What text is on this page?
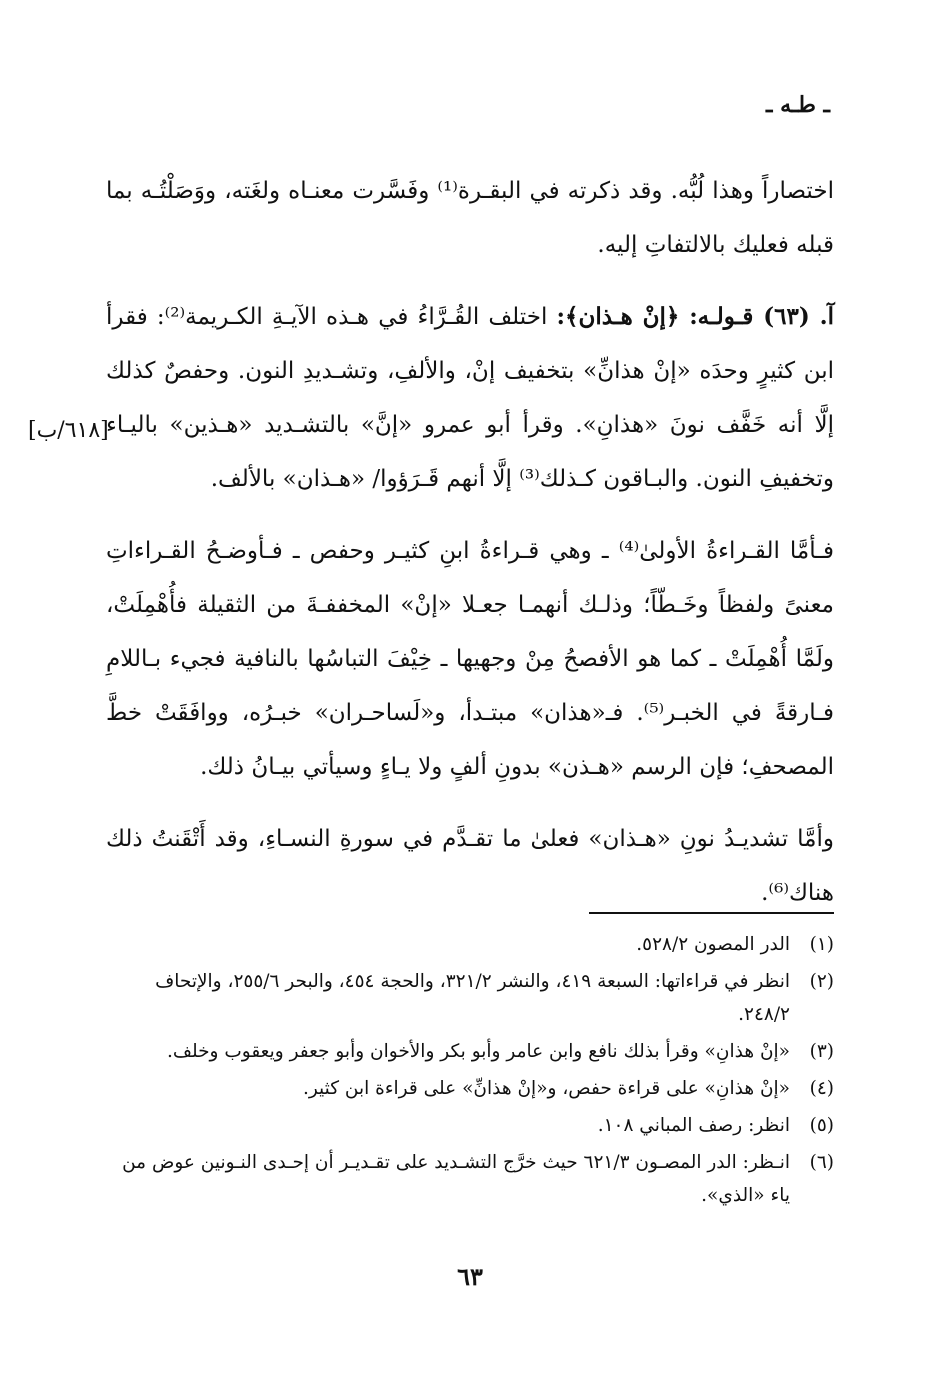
ـ طـه ـ

اختصاراً وهذا لُبُّه. وقد ذكرته في البقـرة⁽¹⁾ وفَسَّرت معنـاه ولغَته، ووَصَلْتُـه بما قبله فعليك بالالتفاتِ إليه.

آ. (٦٣) قـولـه: ﴿إنْ هـذان﴾: اختلف القُـرَّاءُ في هـذه الآيـةِ الكـريمة⁽²⁾: فقرأ ابن كثيرٍ وحدَه «إنْ هذانِّ» بتخفيف إنْ، والألفِ، وتشـديدِ النون. وحفصٌ كذلك إلَّا أنه خَفَّف نونَ «هذانِ». وقرأ أبو عمرو «إنَّ» بالتشـديد «هـذين» باليـاء وتخفيفِ النون. والبـاقون كـذلك⁽³⁾ إلَّا أنهم قَـرَؤوا/ «هـذان» بالألف.

فـأمَّا القـراءةُ الأولىٰ⁽⁴⁾ ـ وهي قـراءةُ ابنِ كثيـر وحفص ـ فـأوضـحُ القـراءاتِ معنىً ولفظاً وخَـطّاً؛ وذلـك أنهمـا جعـلا «إنْ» المخففـةَ من الثقيلة فأُهْمِلَتْ، ولَمَّا أُهْمِلَتْ ـ كما هو الأفصحُ مِنْ وجهيها ـ خِيْفَ التباسُها بالنافية فجيء بـاللامِ فـارقةً في الخبـر⁽⁵⁾. فـ«هذان» مبتـدأ، و«لَساحـران» خبـرُه، ووافَقَتْ خطَّ المصحفِ؛ فإن الرسم «هـذن» بدونِ ألفٍ ولا يـاءٍ وسيأتي بيـانُ ذلك.

وأمَّا تشديـدُ نونِ «هـذان» فعلىٰ ما تقـدَّم في سورةِ النسـاءِ، وقد أَتْقَنتُ ذلك هناك⁽⁶⁾.

[٦١٨/ب]
(١)
الدر المصون ٥٢٨/٢.
(٢)
انظر في قراءاتها: السبعة ٤١٩، والنشر ٣٢١/٢، والحجة ٤٥٤، والبحر ٢٥٥/٦، والإتحاف ٢٤٨/٢.
(٣)
«إنْ هذانِ» وقرأ بذلك نافع وابن عامر وأبو بكر والأخوان وأبو جعفر ويعقوب وخلف.
(٤)
«إنْ هذانِ» على قراءة حفص، و«إنْ هذانِّ» على قراءة ابن كثير.
(٥)
انظر: رصف المباني ١٠٨.
(٦)
انـظر: الدر المصـون ٦٢١/٣ حيث خرَّج التشـديد على تقـديـر أن إحـدى النـونين عوض من ياء «الذي».
٦٣
